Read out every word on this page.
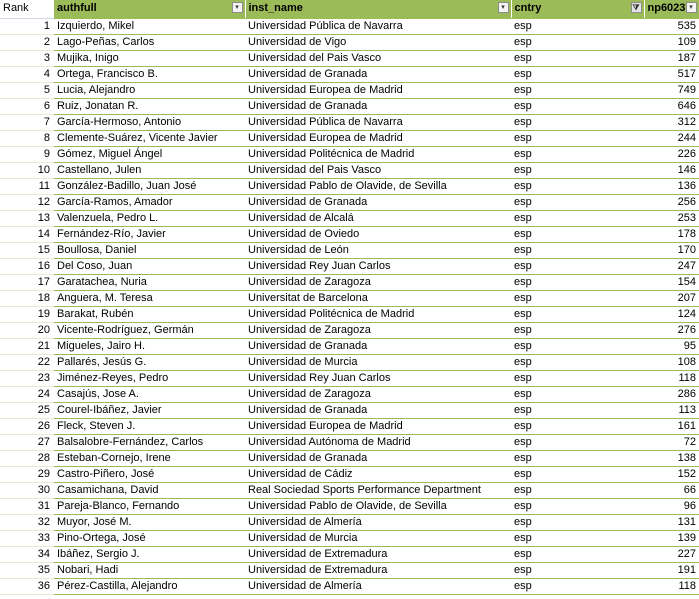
Rank	authfull ▾	inst_name ▾	cntry ⧩	np6023 ▾

1	Izquierdo, Mikel	Universidad Pública de Navarra	esp	535
2	Lago-Peñas, Carlos	Universidad de Vigo	esp	109
3	Mujika, Inigo	Universidad del Pais Vasco	esp	187
4	Ortega, Francisco B.	Universidad de Granada	esp	517
5	Lucia, Alejandro	Universidad Europea de Madrid	esp	749
6	Ruiz, Jonatan R.	Universidad de Granada	esp	646
7	García-Hermoso, Antonio	Universidad Pública de Navarra	esp	312
8	Clemente-Suárez, Vicente Javier	Universidad Europea de Madrid	esp	244
9	Gómez, Miguel Ángel	Universidad Politécnica de Madrid	esp	226
10	Castellano, Julen	Universidad del Pais Vasco	esp	146
11	González-Badillo, Juan José	Universidad Pablo de Olavide, de Sevilla	esp	136
12	García-Ramos, Amador	Universidad de Granada	esp	256
13	Valenzuela, Pedro L.	Universidad de Alcalá	esp	253
14	Fernández-Río, Javier	Universidad de Oviedo	esp	178
15	Boullosa, Daniel	Universidad de León	esp	170
16	Del Coso, Juan	Universidad Rey Juan Carlos	esp	247
17	Garatachea, Nuria	Universidad de Zaragoza	esp	154
18	Anguera, M. Teresa	Universitat de Barcelona	esp	207
19	Barakat, Rubén	Universidad Politécnica de Madrid	esp	124
20	Vicente-Rodríguez, Germán	Universidad de Zaragoza	esp	276
21	Migueles, Jairo H.	Universidad de Granada	esp	95
22	Pallarés, Jesús G.	Universidad de Murcia	esp	108
23	Jiménez-Reyes, Pedro	Universidad Rey Juan Carlos	esp	118
24	Casajús, Jose A.	Universidad de Zaragoza	esp	286
25	Courel-Ibáñez, Javier	Universidad de Granada	esp	113
26	Fleck, Steven J.	Universidad Europea de Madrid	esp	161
27	Balsalobre-Fernández, Carlos	Universidad Autónoma de Madrid	esp	72
28	Esteban-Cornejo, Irene	Universidad de Granada	esp	138
29	Castro-Piñero, José	Universidad de Cádiz	esp	152
30	Casamichana, David	Real Sociedad Sports Performance Department	esp	66
31	Pareja-Blanco, Fernando	Universidad Pablo de Olavide, de Sevilla	esp	96
32	Muyor, José M.	Universidad de Almería	esp	131
33	Pino-Ortega, José	Universidad de Murcia	esp	139
34	Ibáñez, Sergio J.	Universidad de Extremadura	esp	227
35	Nobari, Hadi	Universidad de Extremadura	esp	191
36	Pérez-Castilla, Alejandro	Universidad de Almería	esp	118
